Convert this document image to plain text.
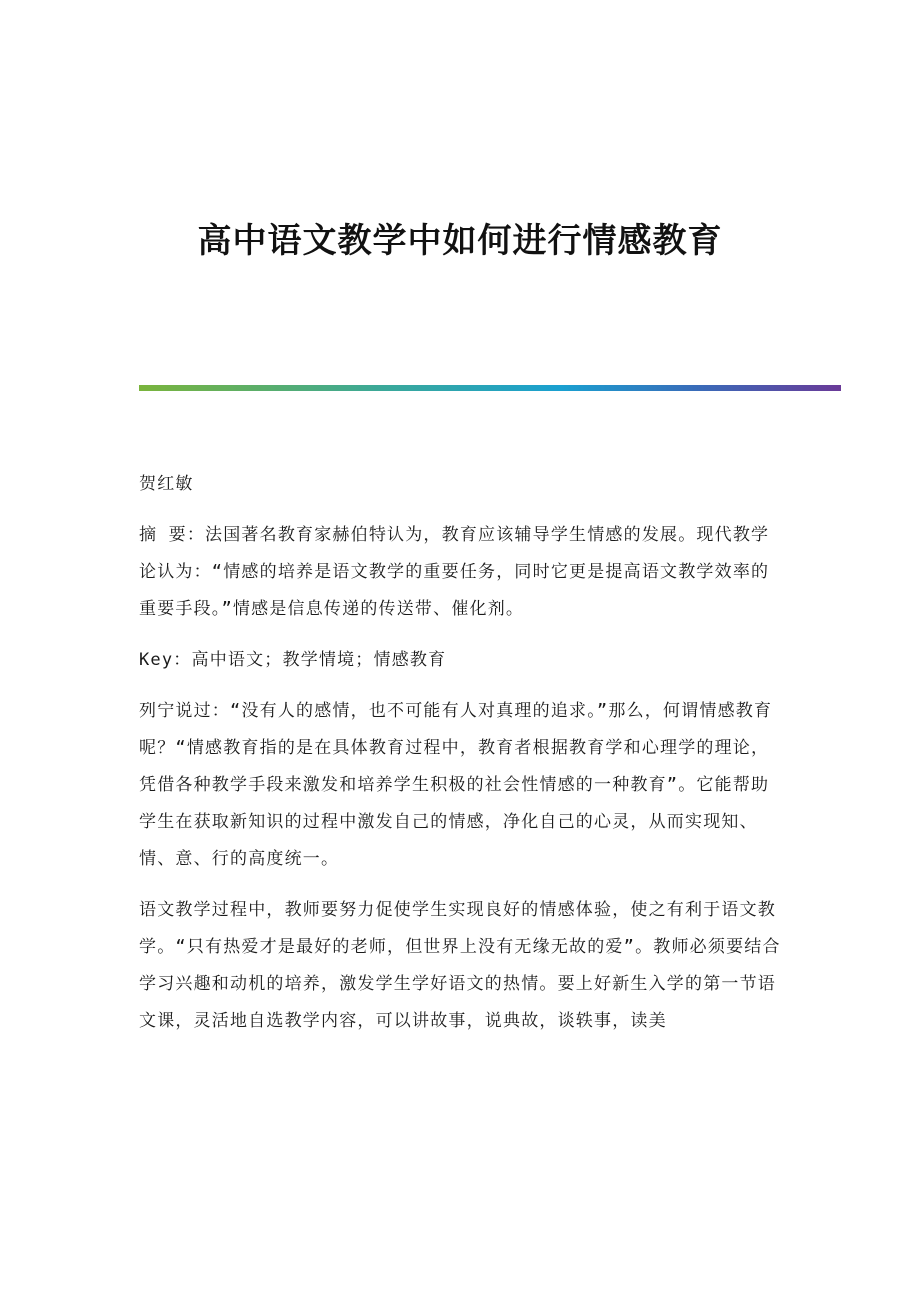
高中语文教学中如何进行情感教育

贺红敏

摘 要：法国著名教育家赫伯特认为，教育应该辅导学生情感的发展。现代教学论认为：“情感的培养是语文教学的重要任务，同时它更是提高语文教学效率的重要手段。”情感是信息传递的传送带、催化剂。

Key：高中语文；教学情境；情感教育

列宁说过：“没有人的感情，也不可能有人对真理的追求。”那么，何谓情感教育呢？“情感教育指的是在具体教育过程中，教育者根据教育学和心理学的理论，凭借各种教学手段来激发和培养学生积极的社会性情感的一种教育”。它能帮助学生在获取新知识的过程中激发自己的情感，净化自己的心灵，从而实现知、情、意、行的高度统一。

语文教学过程中，教师要努力促使学生实现良好的情感体验，使之有利于语文教学。“只有热爱才是最好的老师，但世界上没有无缘无故的爱”。教师必须要结合学习兴趣和动机的培养，激发学生学好语文的热情。要上好新生入学的第一节语文课，灵活地自选教学内容，可以讲故事，说典故，谈轶事，读美
